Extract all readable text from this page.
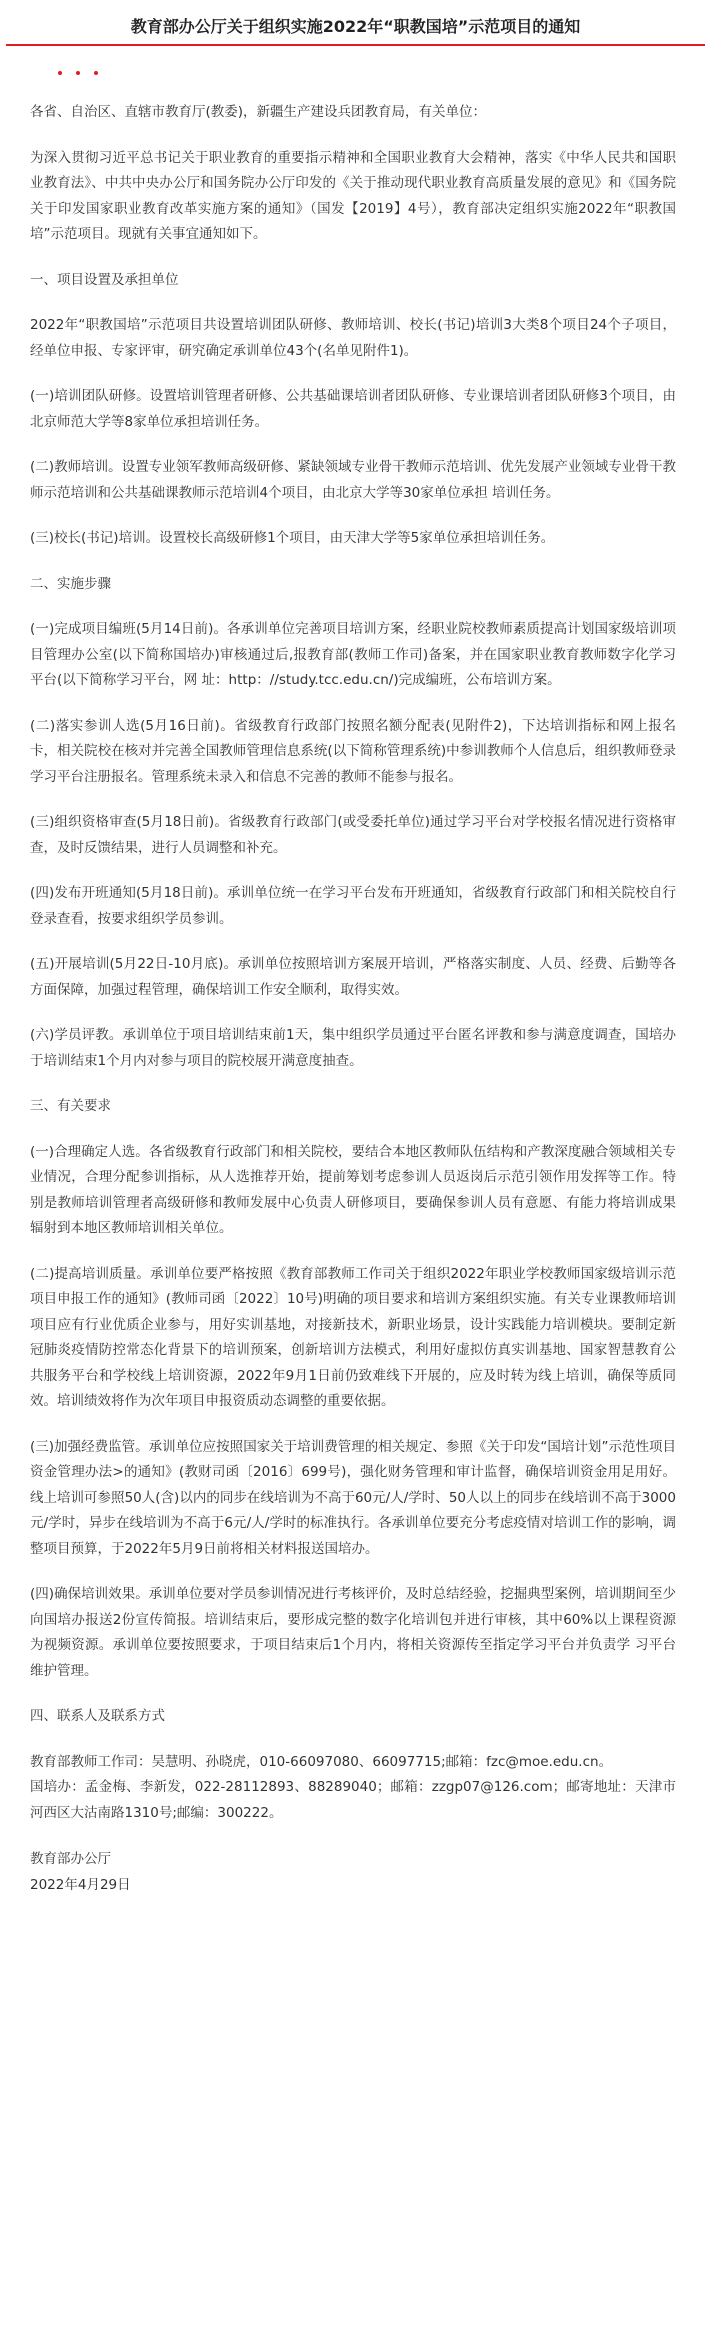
教育部办公厅关于组织实施2022年“职教国培”示范项目的通知

各省、自治区、直辖市教育厅(教委)，新疆生产建设兵团教育局，有关单位：

为深入贯彻习近平总书记关于职业教育的重要指示精神和全国职业教育大会精神，落实《中华人民共和国职业教育法》、中共中央办公厅和国务院办公厅印发的《关于推动现代职业教育高质量发展的意见》和《国务院关于印发国家职业教育改革实施方案的通知》（国发【2019】4号），教育部决定组织实施2022年“职教国培”示范项目。现就有关事宜通知如下。

一、项目设置及承担单位

2022年“职教国培”示范项目共设置培训团队研修、教师培训、校长(书记)培训3大类8个项目24个子项目，经单位申报、专家评审，研究确定承训单位43个(名单见附件1)。

(一)培训团队研修。设置培训管理者研修、公共基础课培训者团队研修、专业课培训者团队研修3个项目，由北京师范大学等8家单位承担培训任务。

(二)教师培训。设置专业领军教师高级研修、紧缺领域专业骨干教师示范培训、优先发展产业领域专业骨干教师示范培训和公共基础课教师示范培训4个项目，由北京大学等30家单位承担 培训任务。

(三)校长(书记)培训。设置校长高级研修1个项目，由天津大学等5家单位承担培训任务。

二、实施步骤

(一)完成项目编班(5月14日前)。各承训单位完善项目培训方案，经职业院校教师素质提高计划国家级培训项目管理办公室(以下简称国培办)审核通过后,报教育部(教师工作司)备案，并在国家职业教育教师数字化学习平台(以下简称学习平台，网 址：http：//study.tcc.edu.cn/)完成编班，公布培训方案。

(二)落实参训人选(5月16日前)。省级教育行政部门按照名额分配表(见附件2)，下达培训指标和网上报名卡，相关院校在核对并完善全国教师管理信息系统(以下简称管理系统)中参训教师个人信息后，组织教师登录学习平台注册报名。管理系统未录入和信息不完善的教师不能参与报名。

(三)组织资格审查(5月18日前)。省级教育行政部门(或受委托单位)通过学习平台对学校报名情况进行资格审查，及时反馈结果，进行人员调整和补充。

(四)发布开班通知(5月18日前)。承训单位统一在学习平台发布开班通知，省级教育行政部门和相关院校自行登录查看，按要求组织学员参训。

(五)开展培训(5月22日-10月底)。承训单位按照培训方案展开培训，严格落实制度、人员、经费、后勤等各方面保障，加强过程管理，确保培训工作安全顺利，取得实效。

(六)学员评教。承训单位于项目培训结束前1天，集中组织学员通过平台匿名评教和参与满意度调查，国培办于培训结束1个月内对参与项目的院校展开满意度抽查。

三、有关要求

(一)合理确定人选。各省级教育行政部门和相关院校，要结合本地区教师队伍结构和产教深度融合领域相关专业情况，合理分配参训指标，从人选推荐开始，提前筹划考虑参训人员返岗后示范引领作用发挥等工作。特别是教师培训管理者高级研修和教师发展中心负责人研修项目，要确保参训人员有意愿、有能力将培训成果辐射到本地区教师培训相关单位。

(二)提高培训质量。承训单位要严格按照《教育部教师工作司关于组织2022年职业学校教师国家级培训示范项目申报工作的通知》(教师司函〔2022〕10号)明确的项目要求和培训方案组织实施。有关专业课教师培训项目应有行业优质企业参与，用好实训基地，对接新技术，新职业场景，设计实践能力培训模块。要制定新冠肺炎疫情防控常态化背景下的培训预案，创新培训方法模式，利用好虚拟仿真实训基地、国家智慧教育公共服务平台和学校线上培训资源，2022年9月1日前仍致难线下开展的，应及时转为线上培训，确保等质同效。培训绩效将作为次年项目申报资质动态调整的重要依据。

(三)加强经费监管。承训单位应按照国家关于培训费管理的相关规定、参照《关于印发“国培计划”示范性项目资金管理办法>的通知》(教财司函〔2016〕699号)，强化财务管理和审计监督，确保培训资金用足用好。线上培训可参照50人(含)以内的同步在线培训为不高于60元/人/学时、50人以上的同步在线培训不高于3000元/学时，异步在线培训为不高于6元/人/学时的标准执行。各承训单位要充分考虑疫情对培训工作的影响，调整项目预算，于2022年5月9日前将相关材料报送国培办。

(四)确保培训效果。承训单位要对学员参训情况进行考核评价，及时总结经验，挖掘典型案例，培训期间至少向国培办报送2份宣传简报。培训结束后，要形成完整的数字化培训包并进行审核，其中60%以上课程资源为视频资源。承训单位要按照要求，于项目结束后1个月内，将相关资源传至指定学习平台并负责学 习平台维护管理。

四、联系人及联系方式

教育部教师工作司：吴慧明、孙晓虎，010-66097080、66097715;邮箱：fzc@moe.edu.cn。

国培办：孟金梅、李新发，022-28112893、88289040；邮箱：zzgp07@126.com；邮寄地址：天津市河西区大沽南路1310号;邮编：300222。

教育部办公厅

2022年4月29日
